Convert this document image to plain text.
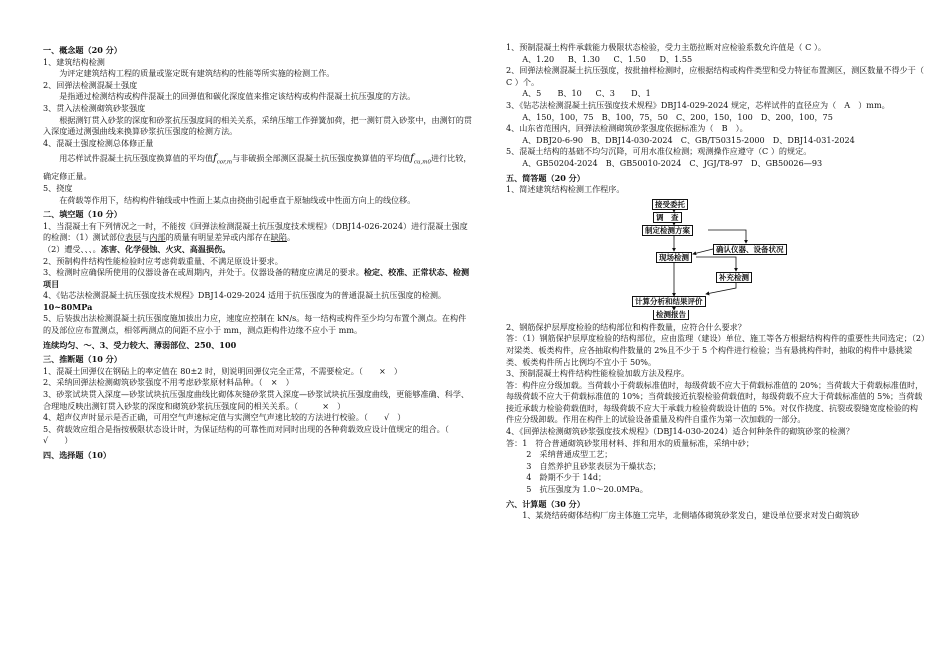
一、概念题（20 分）
1、建筑结构检测
为评定建筑结构工程的质量或鉴定既有建筑结构的性能等所实施的检测工作。
2、回弹法检测混凝土强度
是指通过检测结构或构件混凝土的回弹值和碳化深度值来推定该结构或构件混凝土抗压强度的方法。
3、贯入法检测砌筑砂浆强度
根据测钉贯入砂浆的深度和砂浆抗压强度间的相关关系，采纳压缩工作弹簧加荷，把一测钉贯入砂浆中，由测钉的贯入深度通过测强曲线来换算砂浆抗压强度的检测方法。
4、混凝土强度检测总体修正量
用芯样试件混凝土抗压强度换算值的平均值$f_{cor,m}$与非破损全部测区混凝土抗压强度换算值的平均值$f_{cu,m0}$进行比较，确定修正量。
5、挠度
在荷载等作用下，结构构件轴线或中性面上某点由挠曲引起垂直于原轴线或中性面方向上的线位移。
二、填空题（10 分）
1、当混凝土有下列情况之一时，不能按《回弹法检测混凝土抗压强度技术规程》（DBJ14-026-2024）进行混凝土强度的检测：（1）测试部位表层与内部的质量有明显差异或内部存在缺陷。
（2）遭受、、、。冻害、化学侵蚀、火灾、高温损伤。
2、预制构件结构性能检验时应考虑荷载重量、不满足原设计要求。
3、检测时应确保所使用的仪器设备在或周期内，并处于。仪器设备的精度应满足的要求。检定、校准、正常状态、检测项目
4、《钻芯法检测混凝土抗压强度技术规程》DBJ14-029-2024 适用于抗压强度为的普通混凝土抗压强度的检测。10~80MPa
5、后装拔出法检测混凝土抗压强度施加拔出力应，速度应控制在 kN/s。每一结构或构件至少均匀布置个测点。在构件的及部位应布置测点，相邻两测点的间距不应小于 mm，测点距构件边缘不应小于 mm。
连续均匀、～、3、受力较大、薄弱部位、250、100
三、推断题（10 分）
1、混凝土回弹仪在钢砧上的率定值在 80±2 时，则说明回弹仪完全正常，不需要检定。（　　×　）
2、采纳回弹法检测砌筑砂浆强度不用考虑砂浆原材料品种。（　×　）
3、砂浆试块贯入深度—砂浆试块抗压强度曲线比砌体灰缝砂浆贯入深度—砂浆试块抗压强度曲线，更能够准确、科学、合理地反映出测钉贯入砂浆的深度和砌筑砂浆抗压强度间的相关关系。（　　　×　）
4、超声仪声时显示是否正确，可用空气声速标定值与实测空气声速比较的方法进行校验。（　　√　）
5、荷载效应组合是指按极限状态设计时，为保证结构的可靠性而对同时出现的各种荷载效应设计值规定的组合。（　　√　　）
四、选择题（10）
1、预制混凝土构件承载能力极限状态检验，受力主筋拉断对应检验系数允许值是（ C ）。
A、1.20　 B、1.30　 C、1.50　 D、1.55
2、回弹法检测混凝土抗压强度，按批抽样检测时，应根据结构或构件类型和受力特征布置测区，测区数量不得少于（ C ）个。
A、5　　B、10　 C、3　　D、1
3、《钻芯法检测混凝土抗压强度技术规程》DBJ14-029-2024 规定，芯样试件的直径应为（　A　）mm。
A、150，100，75　B、100，75，50　C、200，150，100　D、200，100，75
4、山东省范围内，回弹法检测砌筑砂浆强度依据标准为（　B　）。
A、DBJ20-6-90　B、DBJ14-030-2024　C、GB/T50315-2000　D、DBJ14-031-2024
5、混凝土结构的基础不均匀沉降，可用水准仪检测；观测操作应遵守（C ）的规定。
A、GB50204-2024　B、GB50010-2024　C、JGJ/T8-97　D、GB50026—93
五、简答题（20 分）
1、简述建筑结构检测工作程序。
接受委托
调　查
制定检测方案
确认仪器、设备状况
现场检测
补充检测
计算分析和结果评价
检测报告
2、钢筋保护层厚度检验的结构部位和构件数量，应符合什么要求？
答：（1）钢筋保护层厚度检验的结构部位，应由监理（建设）单位、施工等各方根据结构构件的重要性共同选定；（2）对梁类、板类构件，应各抽取构件数量的 2%且不少于 5 个构件进行检验；当有悬挑构件时，抽取的构件中悬挑梁类、板类构件所占比例均不宜小于 50%。
3、预制混凝土构件结构性能检验加载方法及程序。
答：构件应分级加载。当荷载小于荷载标准值时，每级荷载不应大于荷载标准值的 20%；当荷载大于荷载标准值时，每级荷载不应大于荷载标准值的 10%；当荷载接近抗裂检验荷载值时，每级荷载不应大于荷载标准值的 5%；当荷载接近承载力检验荷载值时，每级荷载不应大于承载力检验荷载设计值的 5%。对仅作挠度、抗裂或裂缝宽度检验的构件应分级卸载。作用在构件上的试验设备重量及构件自重作为第一次加载的一部分。
4、《回弹法检测砌筑砂浆强度技术规程》（DBJ14-030-2024）适合何种条件的砌筑砂浆的检测？
答：1　符合普通砌筑砂浆用材料、拌和用水的质量标准，采纳中砂；
2　采纳普通成型工艺；
3　自然养护且砂浆表层为干燥状态；
4　龄期不少于 14d；
5　抗压强度为 1.0～20.0MPa。
六、计算题（30 分）
1、某烧结砖砌体结构厂房主体施工完毕，北侧墙体砌筑砂浆发白，建设单位要求对发白砌筑砂
